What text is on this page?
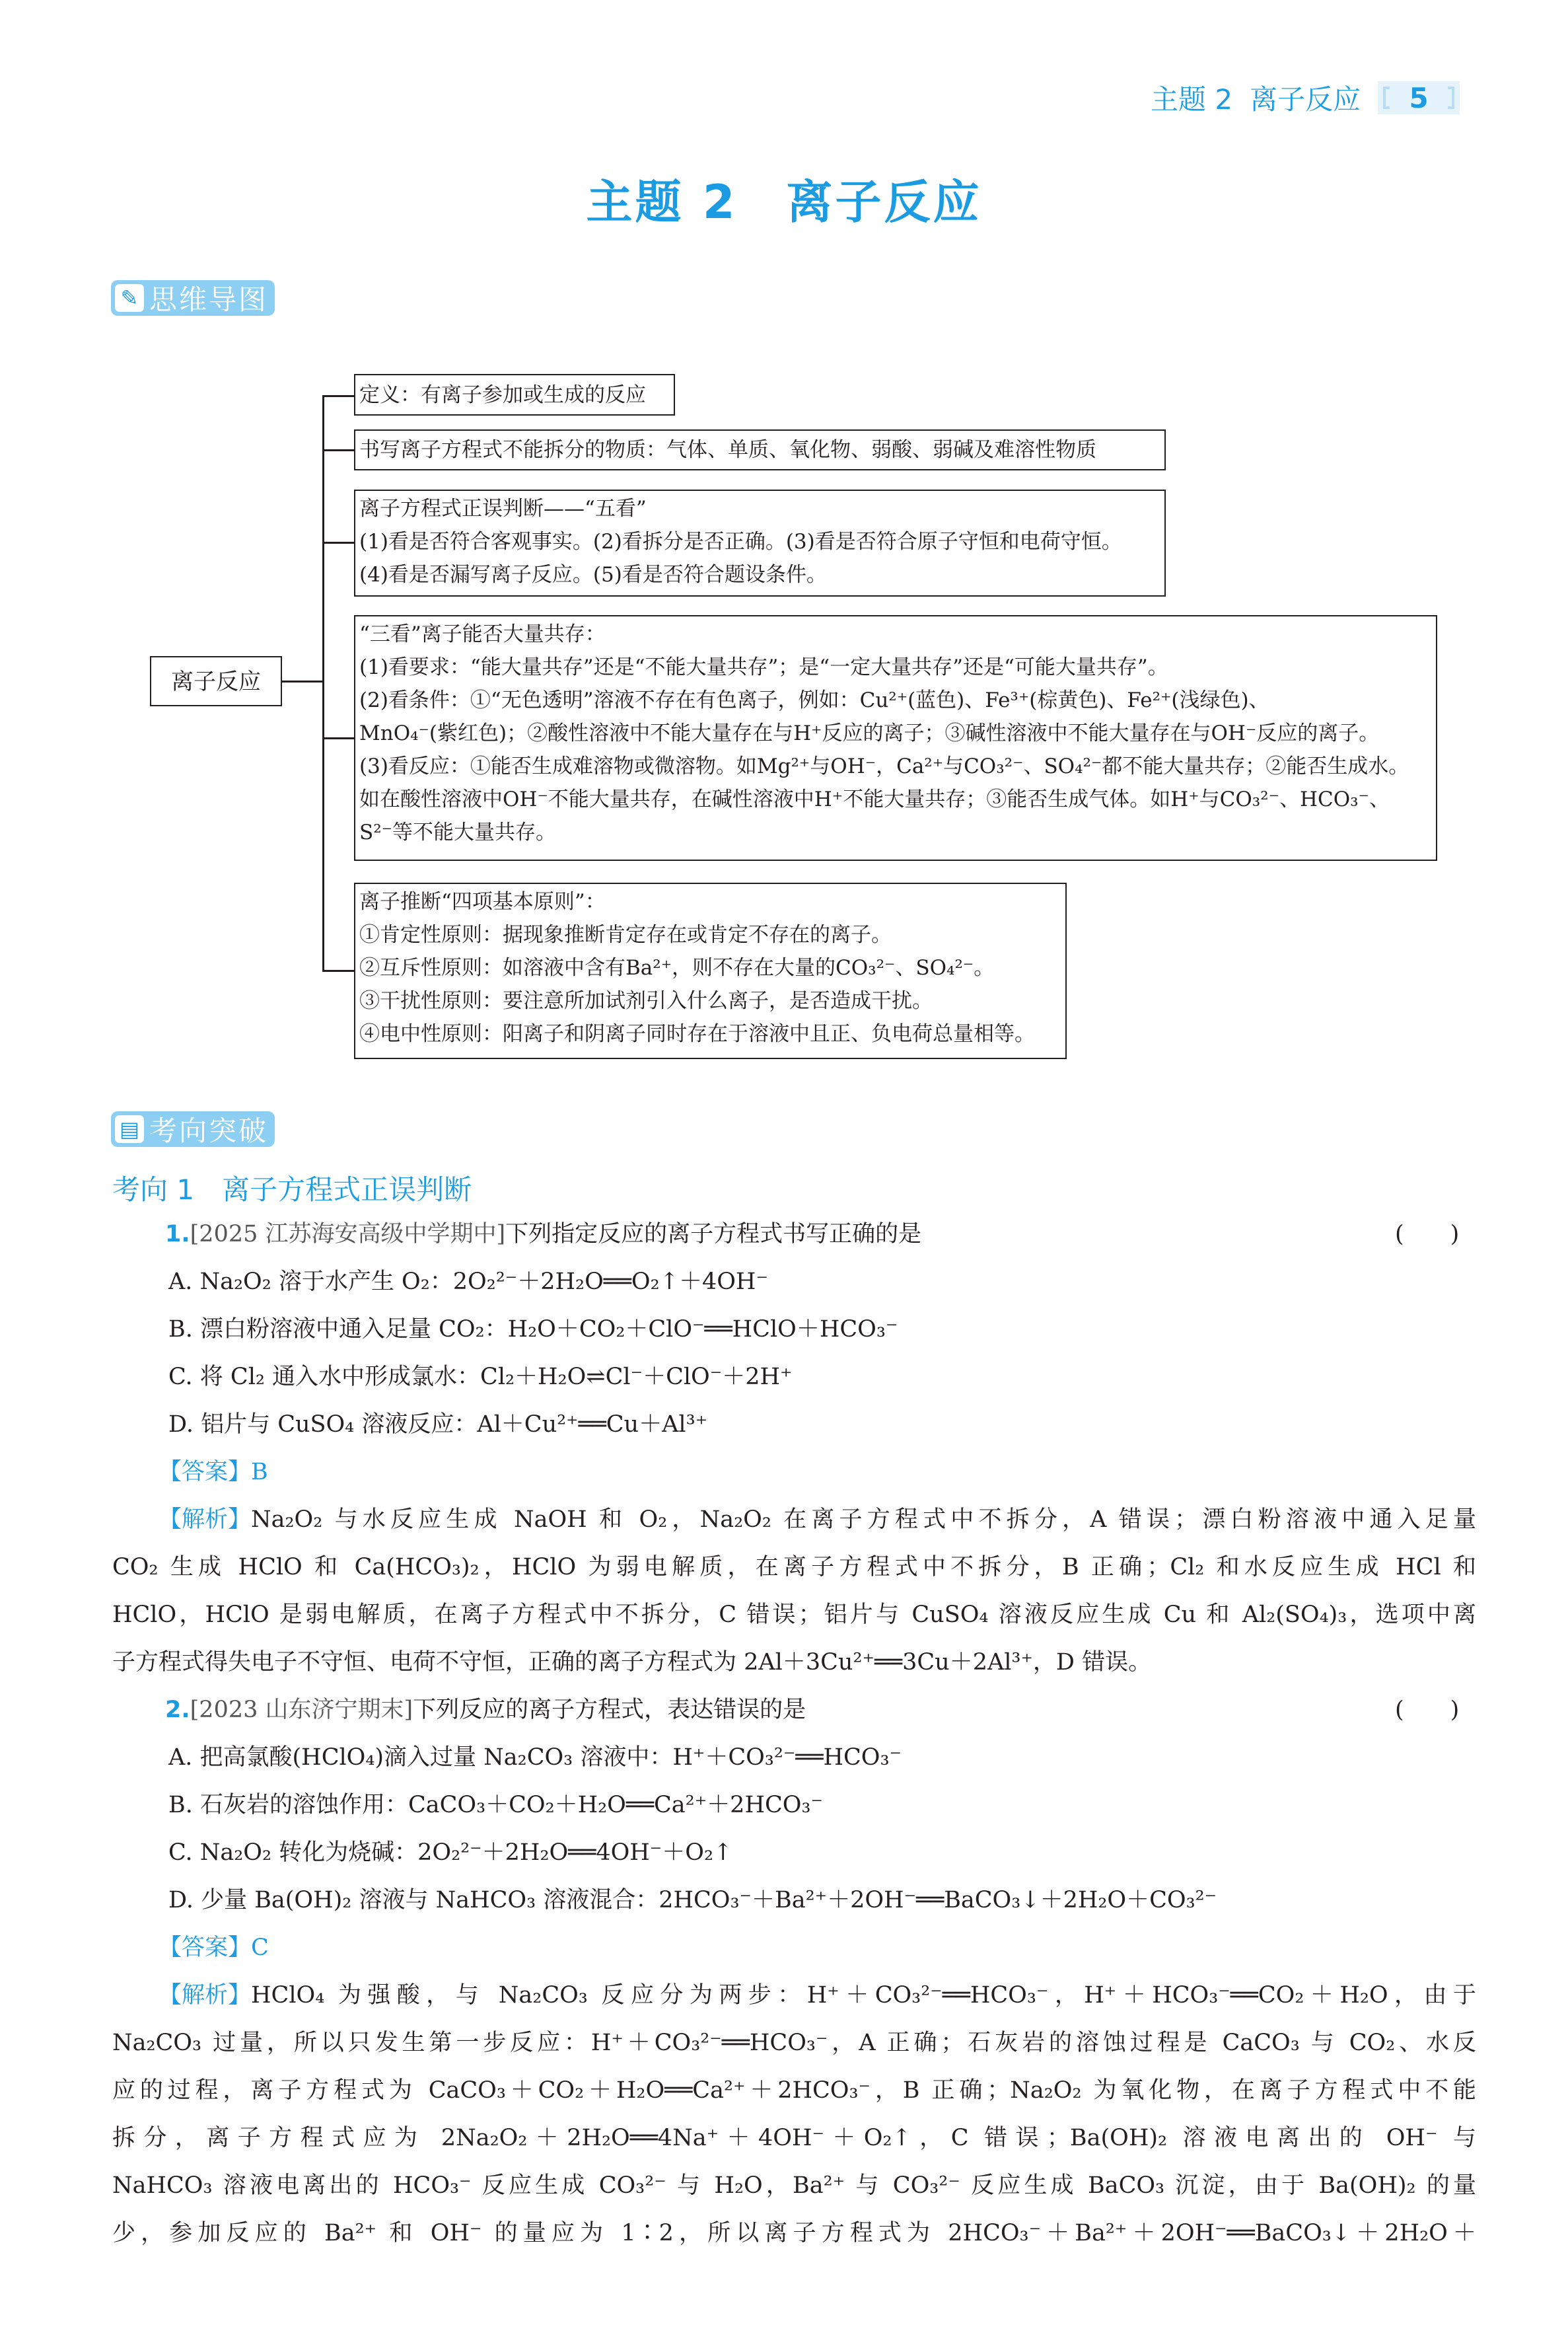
主题 2 离子反应	5
主题 2　离子反应
✎ 思维导图
离子反应
定义：有离子参加或生成的反应
书写离子方程式不能拆分的物质：气体、单质、氧化物、弱酸、弱碱及难溶性物质
离子方程式正误判断——“五看”
(1)看是否符合客观事实。(2)看拆分是否正确。(3)看是否符合原子守恒和电荷守恒。
(4)看是否漏写离子反应。(5)看是否符合题设条件。
“三看”离子能否大量共存：
(1)看要求：“能大量共存”还是“不能大量共存”；是“一定大量共存”还是“可能大量共存”。
(2)看条件：①“无色透明”溶液不存在有色离子，例如：Cu²⁺(蓝色)、Fe³⁺(棕黄色)、Fe²⁺(浅绿色)、
MnO₄⁻(紫红色)；②酸性溶液中不能大量存在与H⁺反应的离子；③碱性溶液中不能大量存在与OH⁻反应的离子。
(3)看反应：①能否生成难溶物或微溶物。如Mg²⁺与OH⁻，Ca²⁺与CO₃²⁻、SO₄²⁻都不能大量共存；②能否生成水。
如在酸性溶液中OH⁻不能大量共存，在碱性溶液中H⁺不能大量共存；③能否生成气体。如H⁺与CO₃²⁻、HCO₃⁻、
S²⁻等不能大量共存。
离子推断“四项基本原则”：
①肯定性原则：据现象推断肯定存在或肯定不存在的离子。
②互斥性原则：如溶液中含有Ba²⁺，则不存在大量的CO₃²⁻、SO₄²⁻。
③干扰性原则：要注意所加试剂引入什么离子，是否造成干扰。
④电中性原则：阳离子和阴离子同时存在于溶液中且正、负电荷总量相等。
▤ 考向突破
考向 1　离子方程式正误判断
1.[2025 江苏海安高级中学期中]下列指定反应的离子方程式书写正确的是	(　　)
A. Na₂O₂ 溶于水产生 O₂：2O₂²⁻＋2H₂O══O₂↑＋4OH⁻
B. 漂白粉溶液中通入足量 CO₂：H₂O＋CO₂＋ClO⁻══HClO＋HCO₃⁻
C. 将 Cl₂ 通入水中形成氯水：Cl₂＋H₂O⇌Cl⁻＋ClO⁻＋2H⁺
D. 铝片与 CuSO₄ 溶液反应：Al＋Cu²⁺══Cu＋Al³⁺
【答案】B
【解析】 Na₂O₂ 与水反应生成 NaOH 和 O₂，Na₂O₂ 在离子方程式中不拆分，A 错误；漂白粉溶液中通入足量
CO₂ 生成 HClO 和 Ca(HCO₃)₂，HClO 为弱电解质，在离子方程式中不拆分，B 正确；Cl₂ 和水反应生成 HCl 和
HClO，HClO 是弱电解质，在离子方程式中不拆分，C 错误；铝片与 CuSO₄ 溶液反应生成 Cu 和 Al₂(SO₄)₃，选项中离
子方程式得失电子不守恒、电荷不守恒，正确的离子方程式为 2Al＋3Cu²⁺══3Cu＋2Al³⁺，D 错误。
2.[2023 山东济宁期末]下列反应的离子方程式，表达错误的是	(　　)
A. 把高氯酸(HClO₄)滴入过量 Na₂CO₃ 溶液中：H⁺＋CO₃²⁻══HCO₃⁻
B. 石灰岩的溶蚀作用：CaCO₃＋CO₂＋H₂O══Ca²⁺＋2HCO₃⁻
C. Na₂O₂ 转化为烧碱：2O₂²⁻＋2H₂O══4OH⁻＋O₂↑
D. 少量 Ba(OH)₂ 溶液与 NaHCO₃ 溶液混合：2HCO₃⁻＋Ba²⁺＋2OH⁻══BaCO₃↓＋2H₂O＋CO₃²⁻
【答案】C
【解析】 HClO₄ 为强酸，与 Na₂CO₃ 反应分为两步：H⁺＋CO₃²⁻══HCO₃⁻，H⁺＋HCO₃⁻══CO₂＋H₂O，由于
Na₂CO₃ 过量，所以只发生第一步反应：H⁺＋CO₃²⁻══HCO₃⁻，A 正确；石灰岩的溶蚀过程是 CaCO₃ 与 CO₂、水反
应的过程，离子方程式为 CaCO₃＋CO₂＋H₂O══Ca²⁺＋2HCO₃⁻，B 正确；Na₂O₂ 为氧化物，在离子方程式中不能
拆分，离子方程式应为 2Na₂O₂＋2H₂O══4Na⁺＋4OH⁻＋O₂↑，C 错误；Ba(OH)₂ 溶液电离出的 OH⁻ 与
NaHCO₃ 溶液电离出的 HCO₃⁻ 反应生成 CO₃²⁻ 与 H₂O，Ba²⁺ 与 CO₃²⁻ 反应生成 BaCO₃ 沉淀，由于 Ba(OH)₂ 的量
少，参加反应的 Ba²⁺ 和 OH⁻ 的量应为 1∶2，所以离子方程式为 2HCO₃⁻＋Ba²⁺＋2OH⁻══BaCO₃↓＋2H₂O＋
